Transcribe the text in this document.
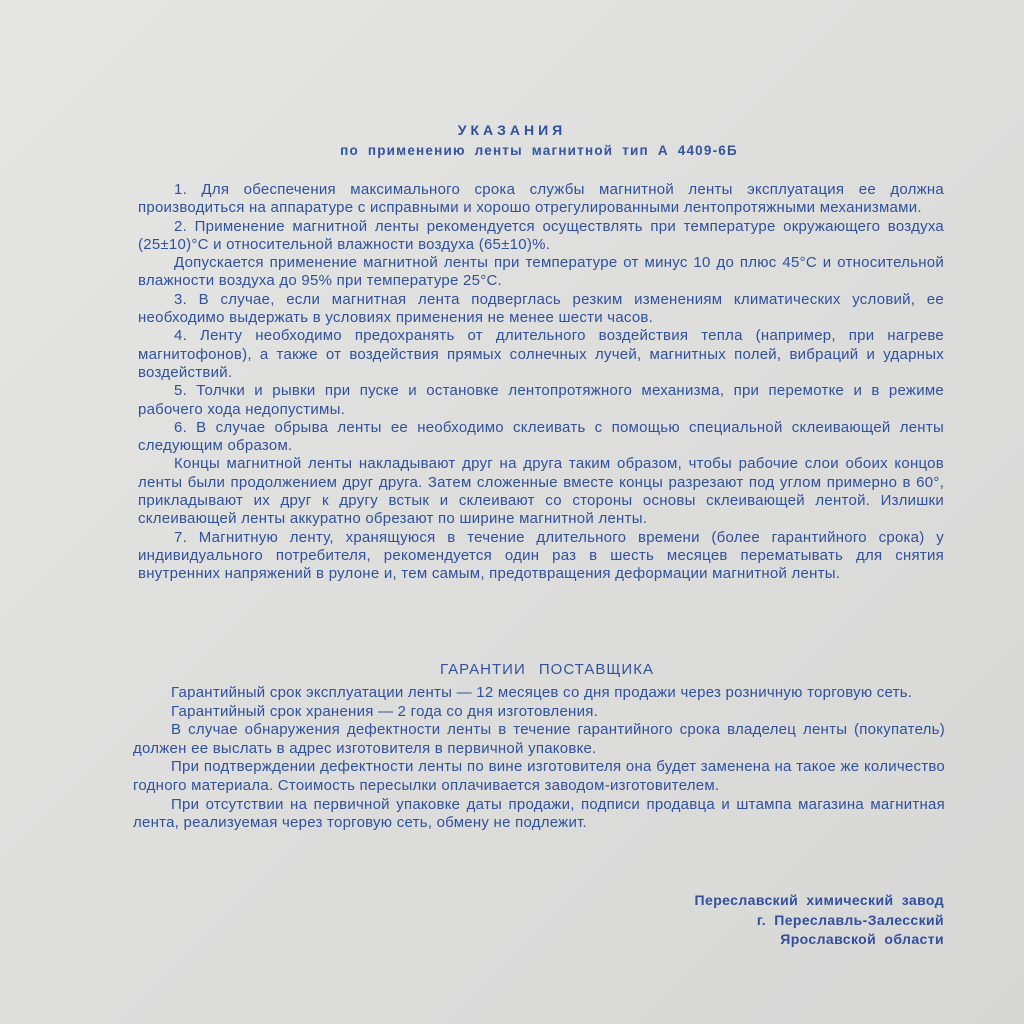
УКАЗАНИЯ
по применению ленты магнитной тип А 4409-6Б

1. Для обеспечения максимального срока службы магнитной ленты эксплуатация ее должна производиться на аппаратуре с исправными и хорошо отрегулированными лентопротяжными механизмами.

2. Применение магнитной ленты рекомендуется осуществлять при температуре окружающего воздуха (25±10)°С и относительной влажности воздуха (65±10)%.

Допускается применение магнитной ленты при температуре от минус 10 до плюс 45°С и относительной влажности воздуха до 95% при температуре 25°С.

3. В случае, если магнитная лента подверглась резким изменениям климатических условий, ее необходимо выдержать в условиях применения не менее шести часов.

4. Ленту необходимо предохранять от длительного воздействия тепла (например, при нагреве магнитофонов), а также от воздействия прямых солнечных лучей, магнитных полей, вибраций и ударных воздействий.

5. Толчки и рывки при пуске и остановке лентопротяжного механизма, при перемотке и в режиме рабочего хода недопустимы.

6. В случае обрыва ленты ее необходимо склеивать с помощью специальной склеивающей ленты следующим образом.

Концы магнитной ленты накладывают друг на друга таким образом, чтобы рабочие слои обоих концов ленты были продолжением друг друга. Затем сложенные вместе концы разрезают под углом примерно в 60°, прикладывают их друг к другу встык и склеивают со стороны основы склеивающей лентой. Излишки склеивающей ленты аккуратно обрезают по ширине магнитной ленты.

7. Магнитную ленту, хранящуюся в течение длительного времени (более гарантийного срока) у индивидуального потребителя, рекомендуется один раз в шесть месяцев перематывать для снятия внутренних напряжений в рулоне и, тем самым, предотвращения деформации магнитной ленты.

ГАРАНТИИ ПОСТАВЩИКА

Гарантийный срок эксплуатации ленты — 12 месяцев со дня продажи через розничную торговую сеть.

Гарантийный срок хранения — 2 года со дня изготовления.

В случае обнаружения дефектности ленты в течение гарантийного срока владелец ленты (покупатель) должен ее выслать в адрес изготовителя в первичной упаковке.

При подтверждении дефектности ленты по вине изготовителя она будет заменена на такое же количество годного материала. Стоимость пересылки оплачивается заводом-изготовителем.

При отсутствии на первичной упаковке даты продажи, подписи продавца и штампа магазина магнитная лента, реализуемая через торговую сеть, обмену не подлежит.

Переславский химический завод
г. Переславль-Залесский
Ярославской области
